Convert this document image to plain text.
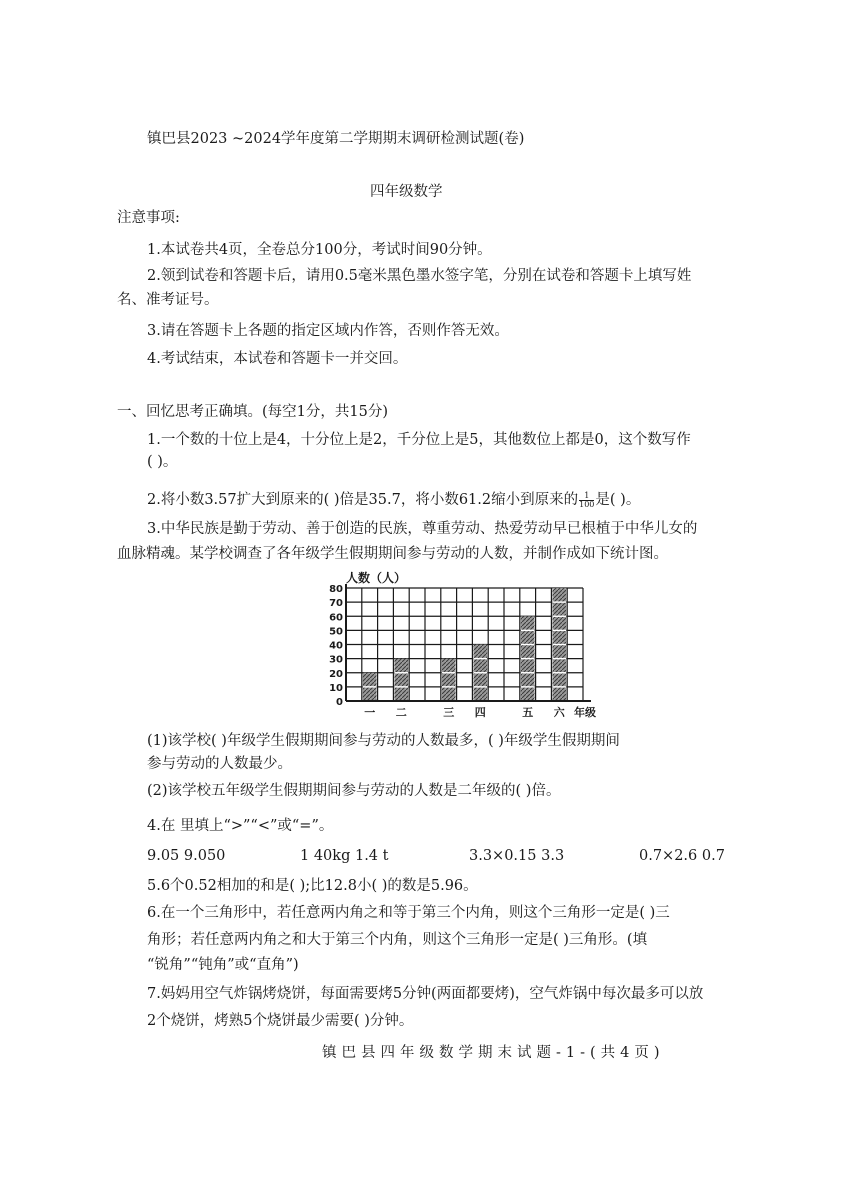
镇巴县2023 ~2024学年度第二学期期末调研检测试题(卷)
四年级数学
注意事项:
1.本试卷共4页，全卷总分100分，考试时间90分钟。
2.领到试卷和答题卡后，请用0.5毫米黑色墨水签字笔，分别在试卷和答题卡上填写姓
名、准考证号。
3.请在答题卡上各题的指定区域内作答，否则作答无效。
4.考试结束，本试卷和答题卡一并交回。
一、回忆思考正确填。(每空1分，共15分)
1.一个数的十位上是4，十分位上是2，千分位上是5，其他数位上都是0，这个数写作
( )。
2.将小数3.57扩大到原来的( )倍是35.7，将小数61.2缩小到原来的 $\frac{1}{100}$ 是( )。
3.中华民族是勤于劳动、善于创造的民族，尊重劳动、热爱劳动早已根植于中华儿女的
血脉精魂。某学校调查了各年级学生假期期间参与劳动的人数，并制作成如下统计图。
0
10
20
30
40
50
60
70
80
一 二	三 四	五 六
人数（人）
年级
(1)该学校( )年级学生假期期间参与劳动的人数最多，( )年级学生假期期间
参与劳动的人数最少。
(2)该学校五年级学生假期期间参与劳动的人数是二年级的( )倍。
4.在 里填上“>”“<”或“=”。
9.05 9.050	1 40kg 1.4 t	3.3×0.15 3.3	0.7×2.6 0.7
5.6个0.52相加的和是( );比12.8小( )的数是5.96。
6.在一个三角形中，若任意两内角之和等于第三个内角，则这个三角形一定是( )三
角形；若任意两内角之和大于第三个内角，则这个三角形一定是( )三角形。(填
“锐角”“钝角”或“直角”)
7.妈妈用空气炸锅烤烧饼，每面需要烤5分钟(两面都要烤)，空气炸锅中每次最多可以放
2个烧饼，烤熟5个烧饼最少需要( )分钟。
镇巴县四年级数学期末试题-1-(共4页)
